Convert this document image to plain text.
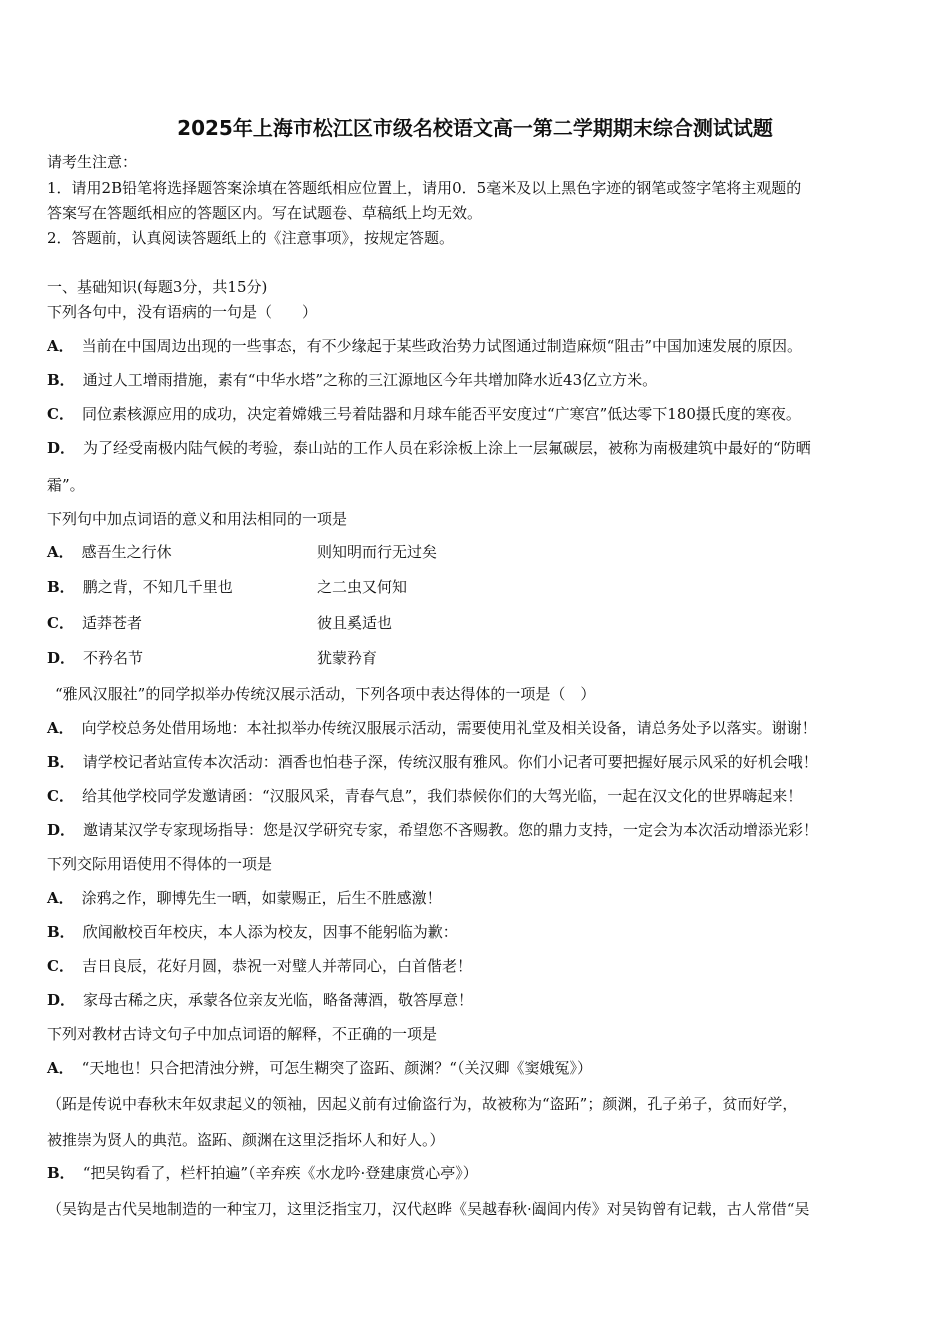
2025年上海市松江区市级名校语文高一第二学期期末综合测试试题
请考生注意：
1．请用2B铅笔将选择题答案涂填在答题纸相应位置上，请用0．5毫米及以上黑色字迹的钢笔或签字笔将主观题的
答案写在答题纸相应的答题区内。写在试题卷、草稿纸上均无效。
2．答题前，认真阅读答题纸上的《注意事项》，按规定答题。
一、基础知识(每题3分，共15分)
下列各句中，没有语病的一句是（　　）
A． 当前在中国周边出现的一些事态，有不少缘起于某些政治势力试图通过制造麻烦“阻击”中国加速发展的原因。
B． 通过人工增雨措施，素有“中华水塔”之称的三江源地区今年共增加降水近43亿立方米。
C． 同位素核源应用的成功，决定着嫦娥三号着陆器和月球车能否平安度过“广寒宫”低达零下180摄氏度的寒夜。
D． 为了经受南极内陆气候的考验，泰山站的工作人员在彩涂板上涂上一层氟碳层，被称为南极建筑中最好的“防晒
霜”。
下列句中加点词语的意义和用法相同的一项是
A． 感吾生之行休	则知明而行无过矣
B． 鹏之背，不知几千里也	之二虫又何知
C． 适莽苍者	彼且奚适也
D． 不矜名节	犹蒙矜育
“雅风汉服社”的同学拟举办传统汉展示活动，下列各项中表达得体的一项是（　）
A． 向学校总务处借用场地：本社拟举办传统汉服展示活动，需要使用礼堂及相关设备，请总务处予以落实。谢谢！
B． 请学校记者站宣传本次活动：酒香也怕巷子深，传统汉服有雅风。你们小记者可要把握好展示风采的好机会哦！
C． 给其他学校同学发邀请函：“汉服风采，青春气息”，我们恭候你们的大驾光临，一起在汉文化的世界嗨起来！
D． 邀请某汉学专家现场指导：您是汉学研究专家，希望您不吝赐教。您的鼎力支持，一定会为本次活动增添光彩！
下列交际用语使用不得体的一项是
A． 涂鸦之作，聊博先生一晒，如蒙赐正，后生不胜感激！
B． 欣闻敝校百年校庆，本人添为校友，因事不能躬临为歉：
C． 吉日良辰，花好月圆，恭祝一对璧人并蒂同心，白首偕老！
D． 家母古稀之庆，承蒙各位亲友光临，略备薄酒，敬答厚意！
下列对教材古诗文句子中加点词语的解释，不正确的一项是
A． “天地也！只合把清浊分辨，可怎生糊突了盗跖、颜渊？“（关汉卿《窦娥冤》）
（跖是传说中春秋末年奴隶起义的领袖，因起义前有过偷盗行为，故被称为“盗跖”；颜渊，孔子弟子，贫而好学，
被推崇为贤人的典范。盗跖、颜渊在这里泛指坏人和好人。）
B． “把吴钩看了，栏杆拍遍”（辛弃疾《水龙吟·登建康赏心亭》）
（吴钩是古代吴地制造的一种宝刀，这里泛指宝刀，汉代赵晔《吴越春秋·阖闾内传》对吴钩曾有记载，古人常借“吴
